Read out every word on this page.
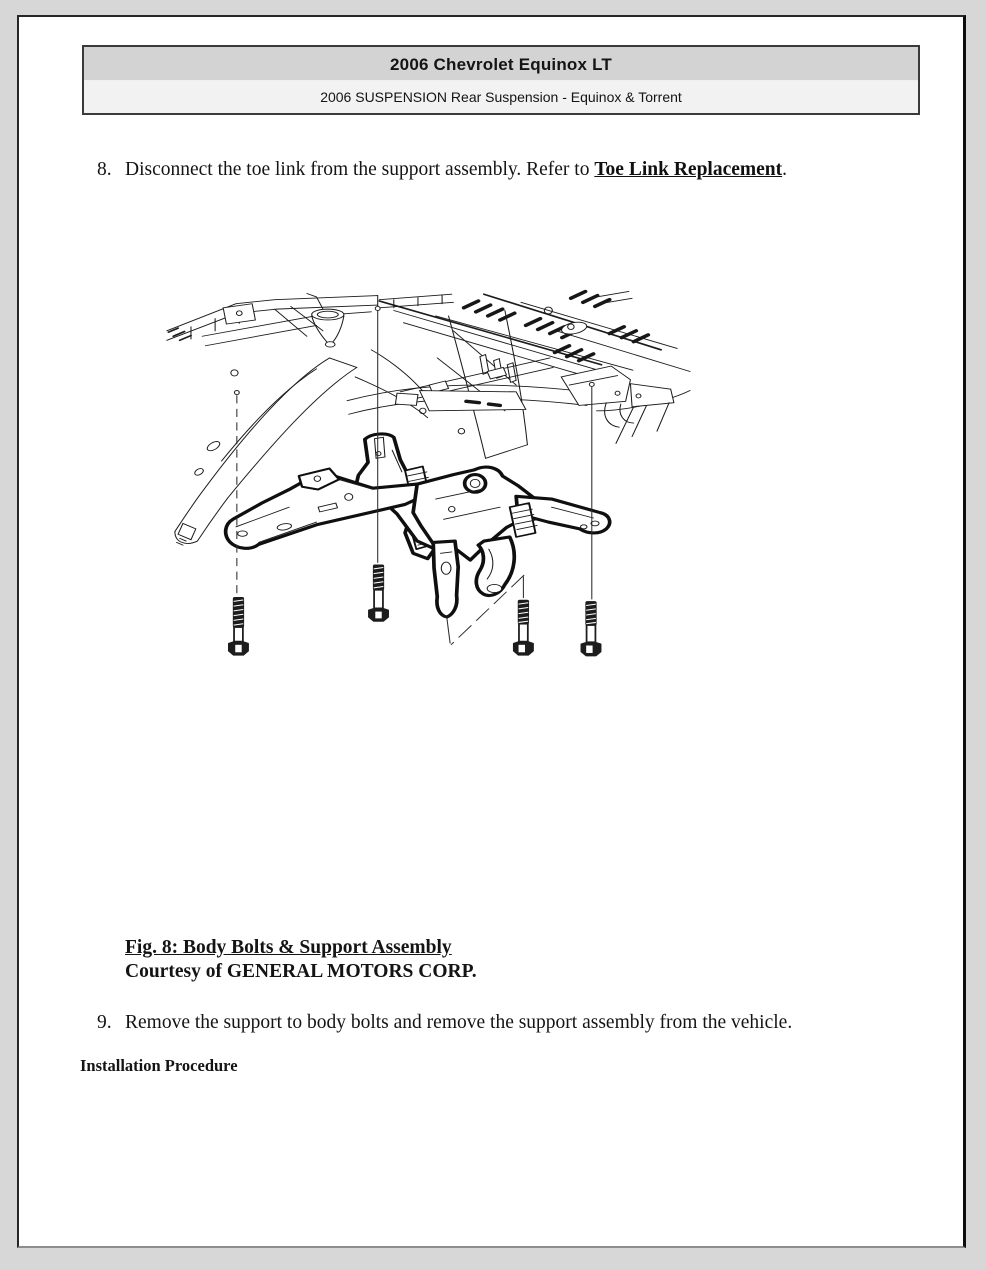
2006 Chevrolet Equinox LT
2006 SUSPENSION Rear Suspension - Equinox & Torrent
8. Disconnect the toe link from the support assembly. Refer to Toe Link Replacement.
Fig. 8: Body Bolts & Support Assembly
Courtesy of GENERAL MOTORS CORP.
9. Remove the support to body bolts and remove the support assembly from the vehicle.
Installation Procedure
